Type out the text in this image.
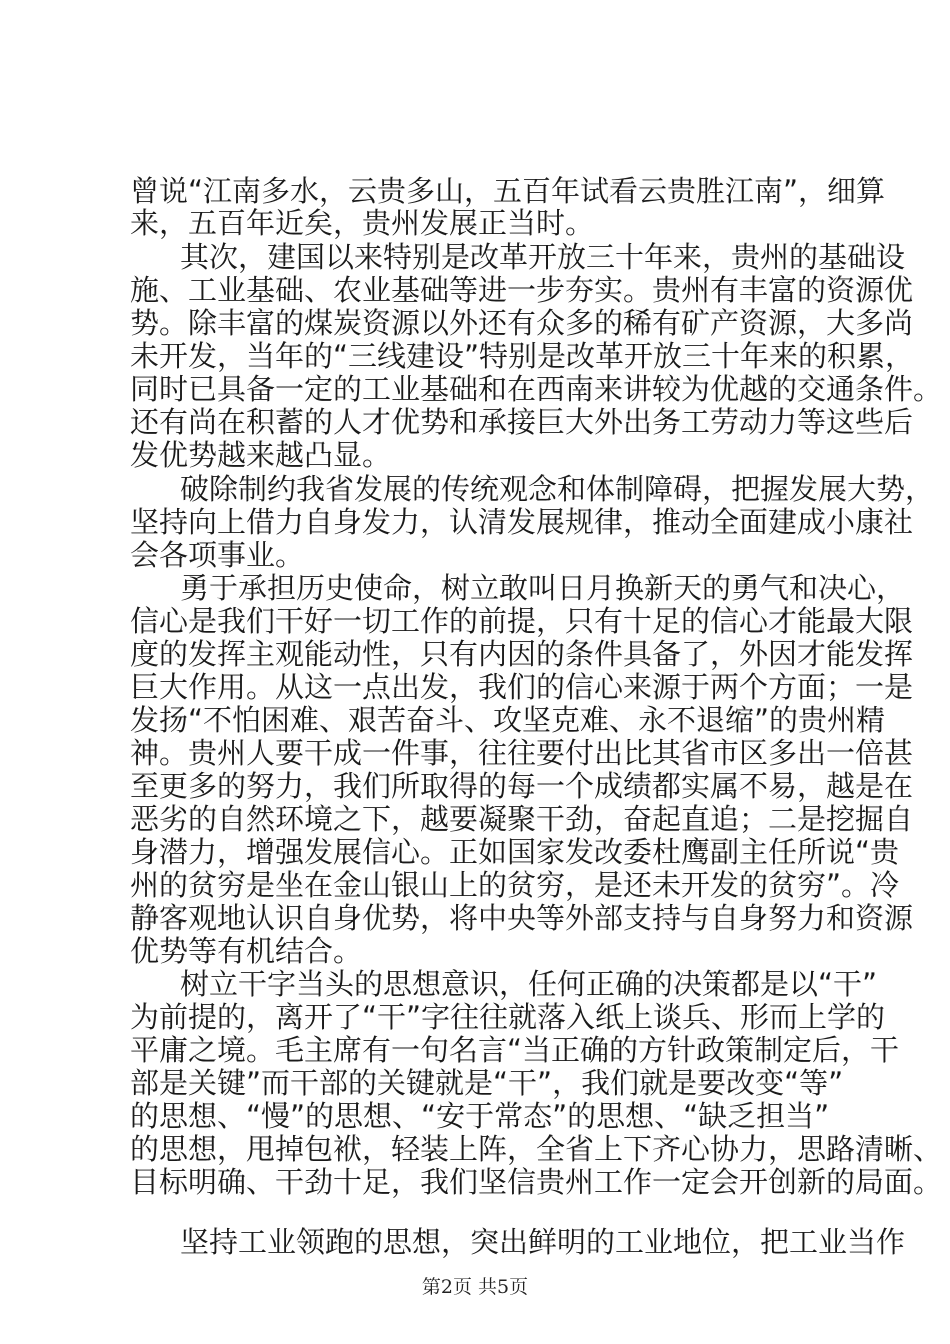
曾说“江南多水，云贵多山，五百年试看云贵胜江南”，细算
来，五百年近矣，贵州发展正当时。
其次，建国以来特别是改革开放三十年来，贵州的基础设
施、工业基础、农业基础等进一步夯实。贵州有丰富的资源优
势。除丰富的煤炭资源以外还有众多的稀有矿产资源，大多尚
未开发，当年的“三线建设”特别是改革开放三十年来的积累，
同时已具备一定的工业基础和在西南来讲较为优越的交通条件。
还有尚在积蓄的人才优势和承接巨大外出务工劳动力等这些后
发优势越来越凸显。
破除制约我省发展的传统观念和体制障碍，把握发展大势，
坚持向上借力自身发力，认清发展规律，推动全面建成小康社
会各项事业。
勇于承担历史使命，树立敢叫日月换新天的勇气和决心，
信心是我们干好一切工作的前提，只有十足的信心才能最大限
度的发挥主观能动性，只有内因的条件具备了，外因才能发挥
巨大作用。从这一点出发，我们的信心来源于两个方面；一是
发扬“不怕困难、艰苦奋斗、攻坚克难、永不退缩”的贵州精
神。贵州人要干成一件事，往往要付出比其省市区多出一倍甚
至更多的努力，我们所取得的每一个成绩都实属不易，越是在
恶劣的自然环境之下，越要凝聚干劲，奋起直追；二是挖掘自
身潜力，增强发展信心。正如国家发改委杜鹰副主任所说“贵
州的贫穷是坐在金山银山上的贫穷，是还未开发的贫穷”。冷
静客观地认识自身优势，将中央等外部支持与自身努力和资源
优势等有机结合。
树立干字当头的思想意识，任何正确的决策都是以“干”
为前提的，离开了“干”字往往就落入纸上谈兵、形而上学的
平庸之境。毛主席有一句名言“当正确的方针政策制定后，干
部是关键”而干部的关键就是“干”，我们就是要改变“等”
的思想、“慢”的思想、“安于常态”的思想、“缺乏担当”
的思想，甩掉包袱，轻装上阵，全省上下齐心协力，思路清晰、
目标明确、干劲十足，我们坚信贵州工作一定会开创新的局面。
坚持工业领跑的思想，突出鲜明的工业地位，把工业当作
第2页 共5页
